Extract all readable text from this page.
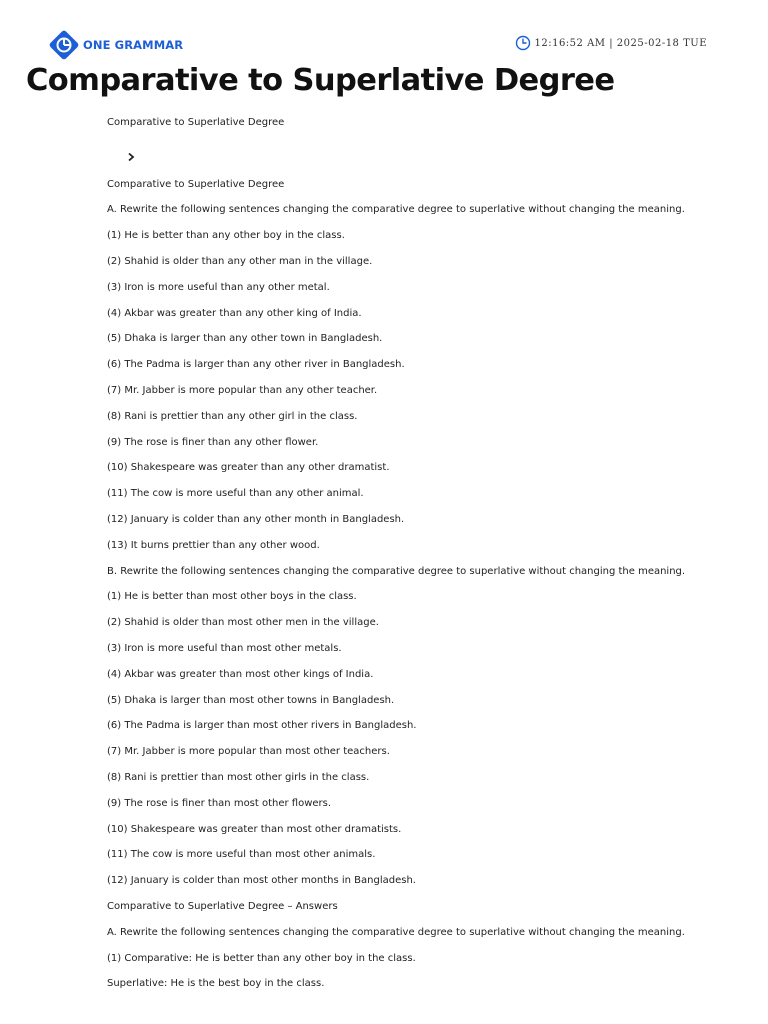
ONE GRAMMAR	12:16:52 AM | 2025-02-18 TUE
Comparative to Superlative Degree
Comparative to Superlative Degree
Comparative to Superlative Degree
A. Rewrite the following sentences changing the comparative degree to superlative without changing the meaning.
(1) He is better than any other boy in the class.
(2) Shahid is older than any other man in the village.
(3) Iron is more useful than any other metal.
(4) Akbar was greater than any other king of India.
(5) Dhaka is larger than any other town in Bangladesh.
(6) The Padma is larger than any other river in Bangladesh.
(7) Mr. Jabber is more popular than any other teacher.
(8) Rani is prettier than any other girl in the class.
(9) The rose is finer than any other flower.
(10) Shakespeare was greater than any other dramatist.
(11) The cow is more useful than any other animal.
(12) January is colder than any other month in Bangladesh.
(13) It burns prettier than any other wood.
B. Rewrite the following sentences changing the comparative degree to superlative without changing the meaning.
(1) He is better than most other boys in the class.
(2) Shahid is older than most other men in the village.
(3) Iron is more useful than most other metals.
(4) Akbar was greater than most other kings of India.
(5) Dhaka is larger than most other towns in Bangladesh.
(6) The Padma is larger than most other rivers in Bangladesh.
(7) Mr. Jabber is more popular than most other teachers.
(8) Rani is prettier than most other girls in the class.
(9) The rose is finer than most other flowers.
(10) Shakespeare was greater than most other dramatists.
(11) The cow is more useful than most other animals.
(12) January is colder than most other months in Bangladesh.
Comparative to Superlative Degree – Answers
A. Rewrite the following sentences changing the comparative degree to superlative without changing the meaning.
(1) Comparative: He is better than any other boy in the class.
Superlative: He is the best boy in the class.
